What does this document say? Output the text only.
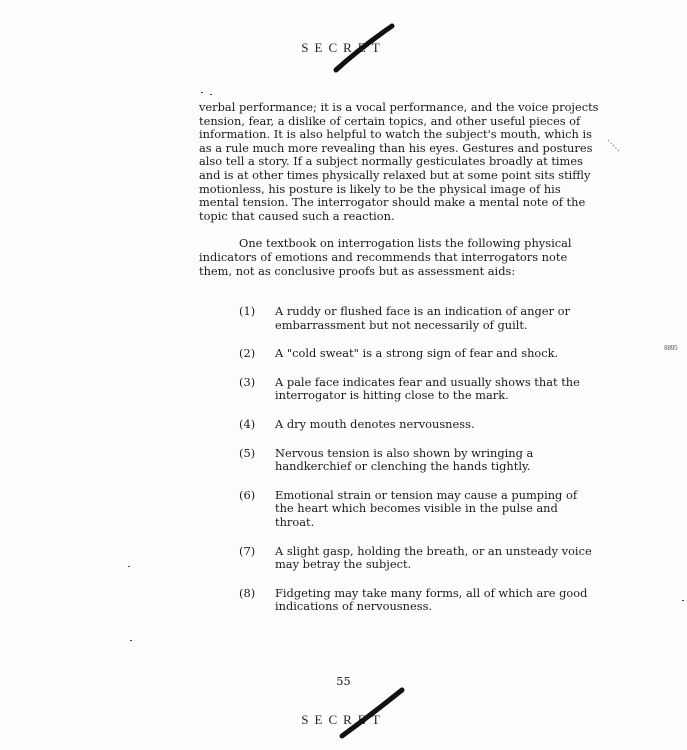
SECRET

verbal performance; it is a vocal performance, and the voice projects tension, fear, a dislike of certain topics, and other useful pieces of information. It is also helpful to watch the subject's mouth, which is as a rule much more revealing than his eyes. Gestures and postures also tell a story. If a subject normally gesticulates broadly at times and is at other times physically relaxed but at some point sits stiffly motionless, his posture is likely to be the physical image of his mental tension. The interrogator should make a mental note of the topic that caused such a reaction.

One textbook on interrogation lists the following physical indicators of emotions and recommends that interrogators note them, not as conclusive proofs but as assessment aids:

(1) A ruddy or flushed face is an indication of anger or embarrassment but not necessarily of guilt.
(2) A "cold sweat" is a strong sign of fear and shock.
(3) A pale face indicates fear and usually shows that the interrogator is hitting close to the mark.
(4) A dry mouth denotes nervousness.
(5) Nervous tension is also shown by wringing a handkerchief or clenching the hands tightly.
(6) Emotional strain or tension may cause a pumping of the heart which becomes visible in the pulse and throat.
(7) A slight gasp, holding the breath, or an unsteady voice may betray the subject.
(8) Fidgeting may take many forms, all of which are good indications of nervousness.
55
SECRET
8895
